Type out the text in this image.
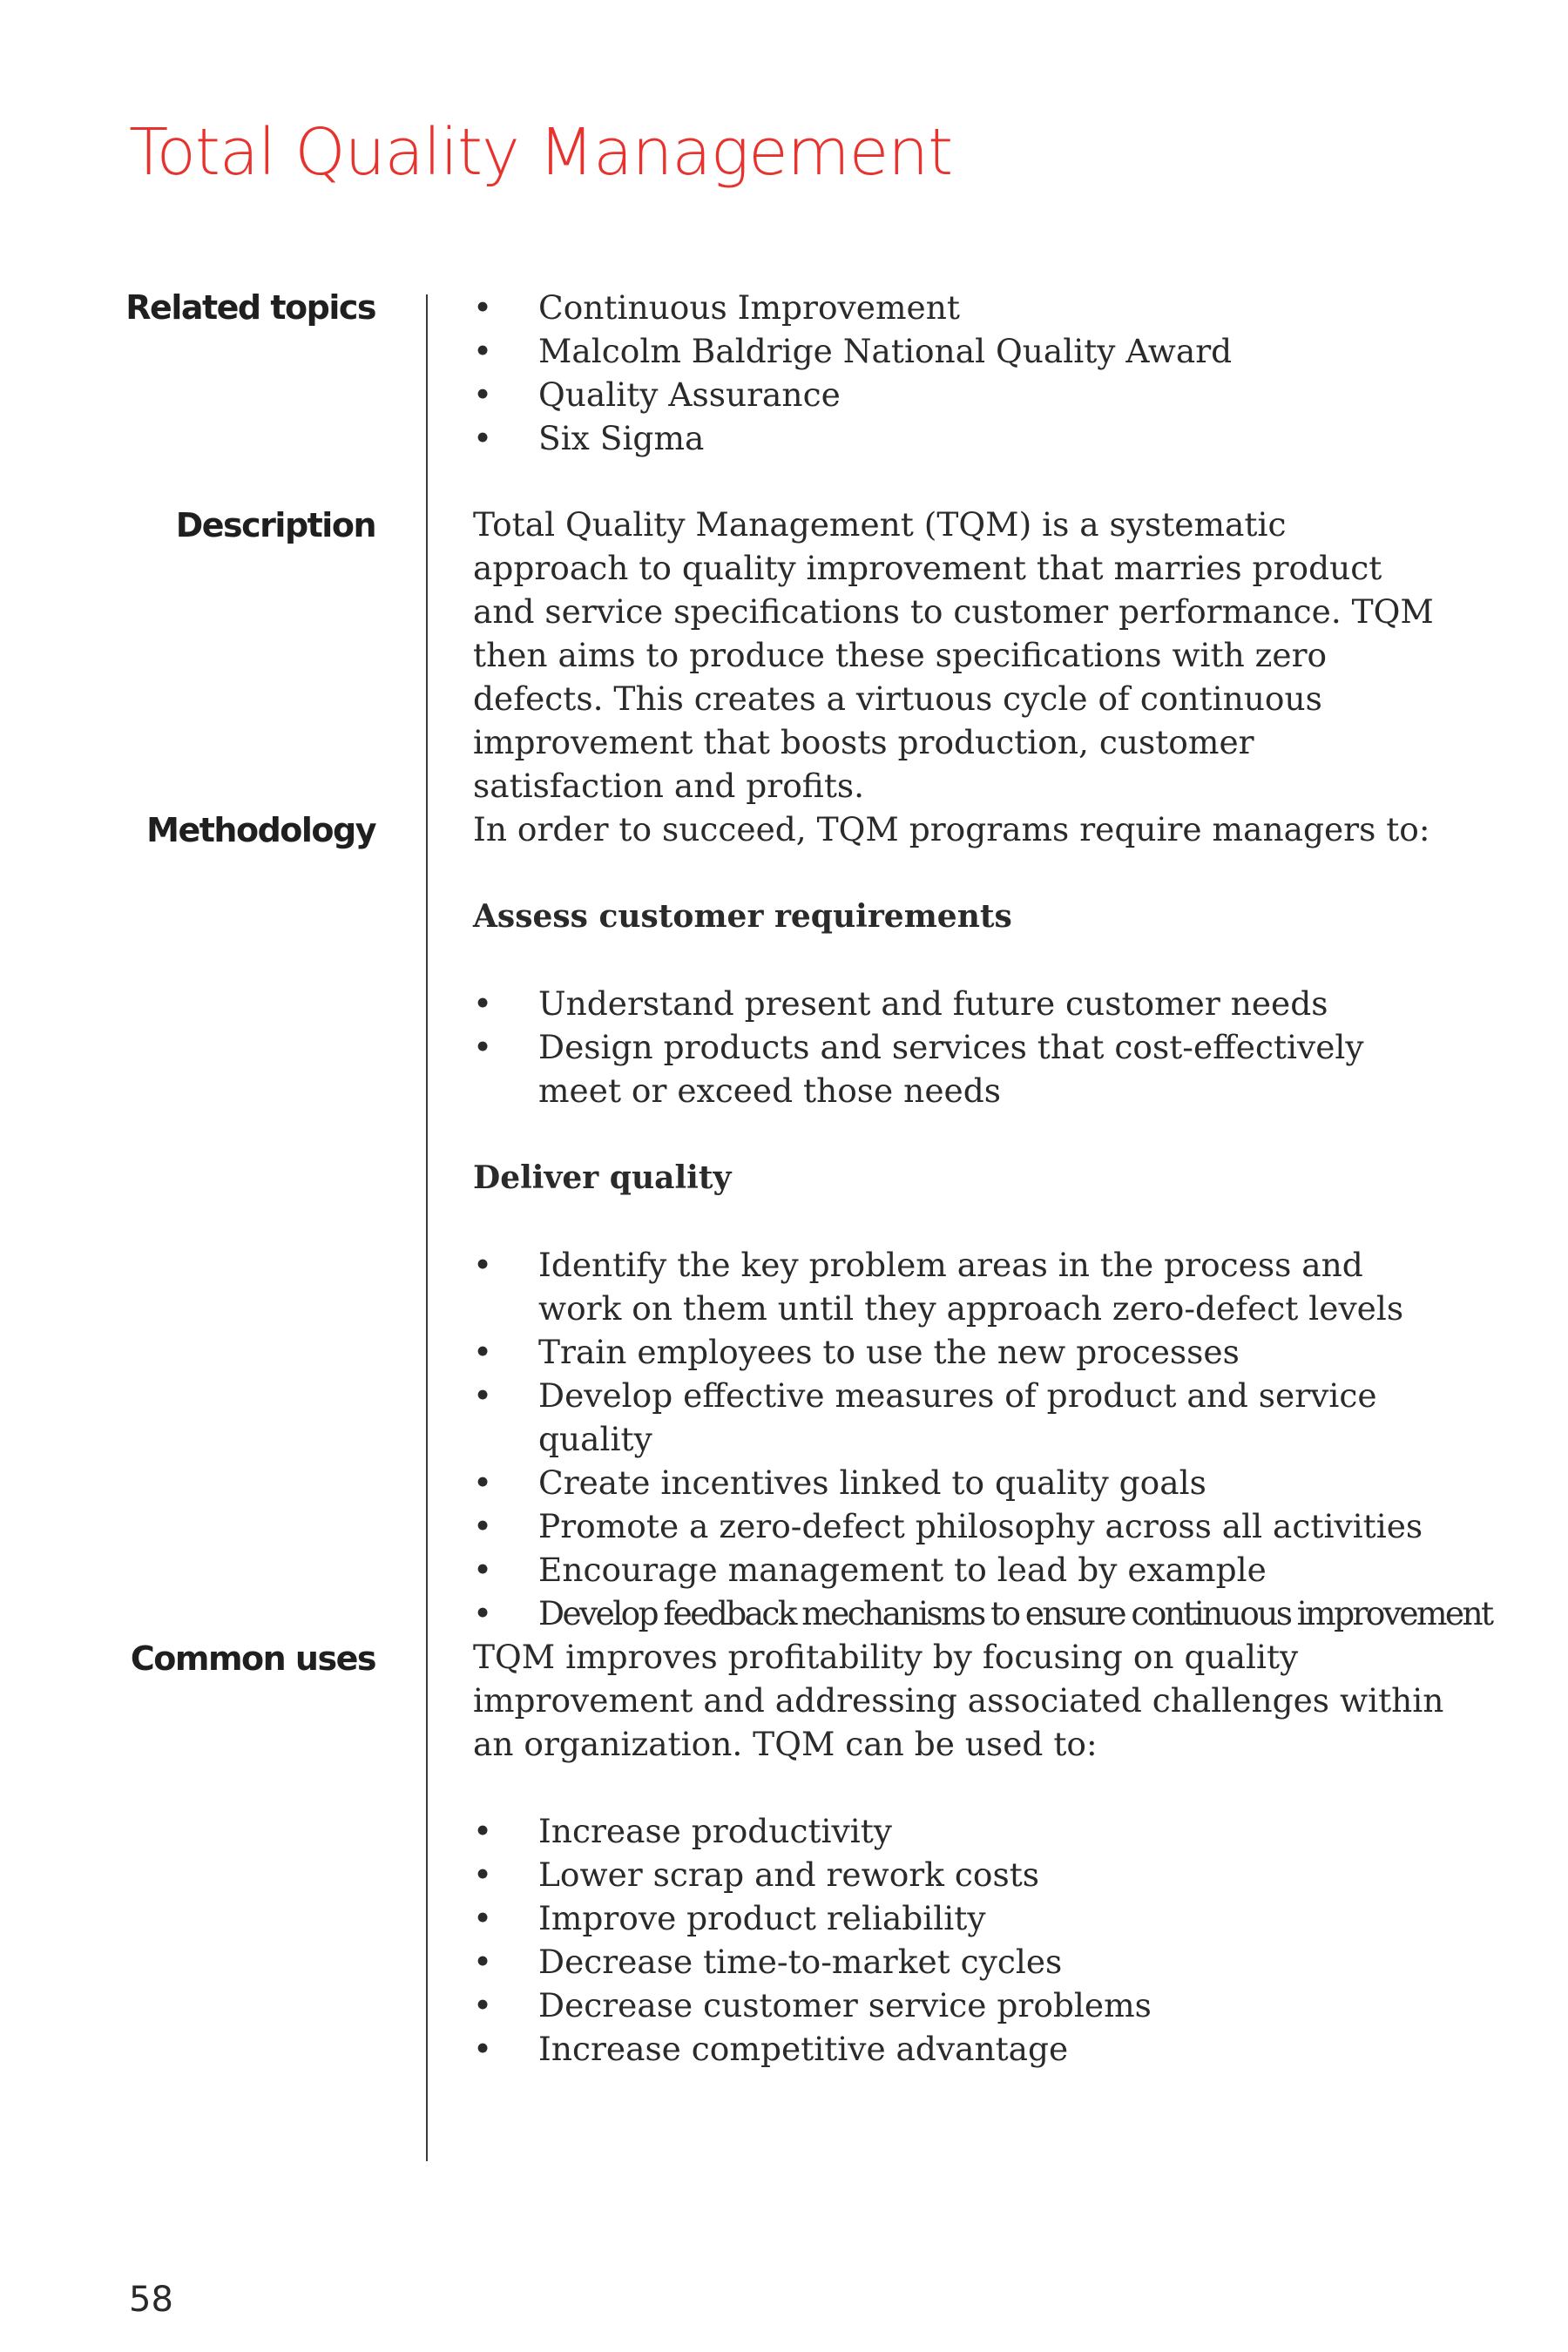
Total Quality Management
Related topics	• Continuous Improvement
• Malcolm Baldrige National Quality Award
• Quality Assurance
• Six Sigma
Description	Total Quality Management (TQM) is a systematic approach to quality improvement that marries product and service specifications to customer performance. TQM then aims to produce these specifications with zero defects. This creates a virtuous cycle of continuous improvement that boosts production, customer satisfaction and profits.

Methodology	In order to succeed, TQM programs require managers to:

Assess customer requirements

• Understand present and future customer needs
• Design products and services that cost-effectively meet or exceed those needs

Deliver quality

• Identify the key problem areas in the process and work on them until they approach zero-defect levels
• Train employees to use the new processes
• Develop effective measures of product and service quality
• Create incentives linked to quality goals
• Promote a zero-defect philosophy across all activities
• Encourage management to lead by example
• Develop feedback mechanisms to ensure continuous improvement
Common uses	TQM improves profitability by focusing on quality improvement and addressing associated challenges within an organization. TQM can be used to:

• Increase productivity
• Lower scrap and rework costs
• Improve product reliability
• Decrease time-to-market cycles
• Decrease customer service problems
• Increase competitive advantage

58
